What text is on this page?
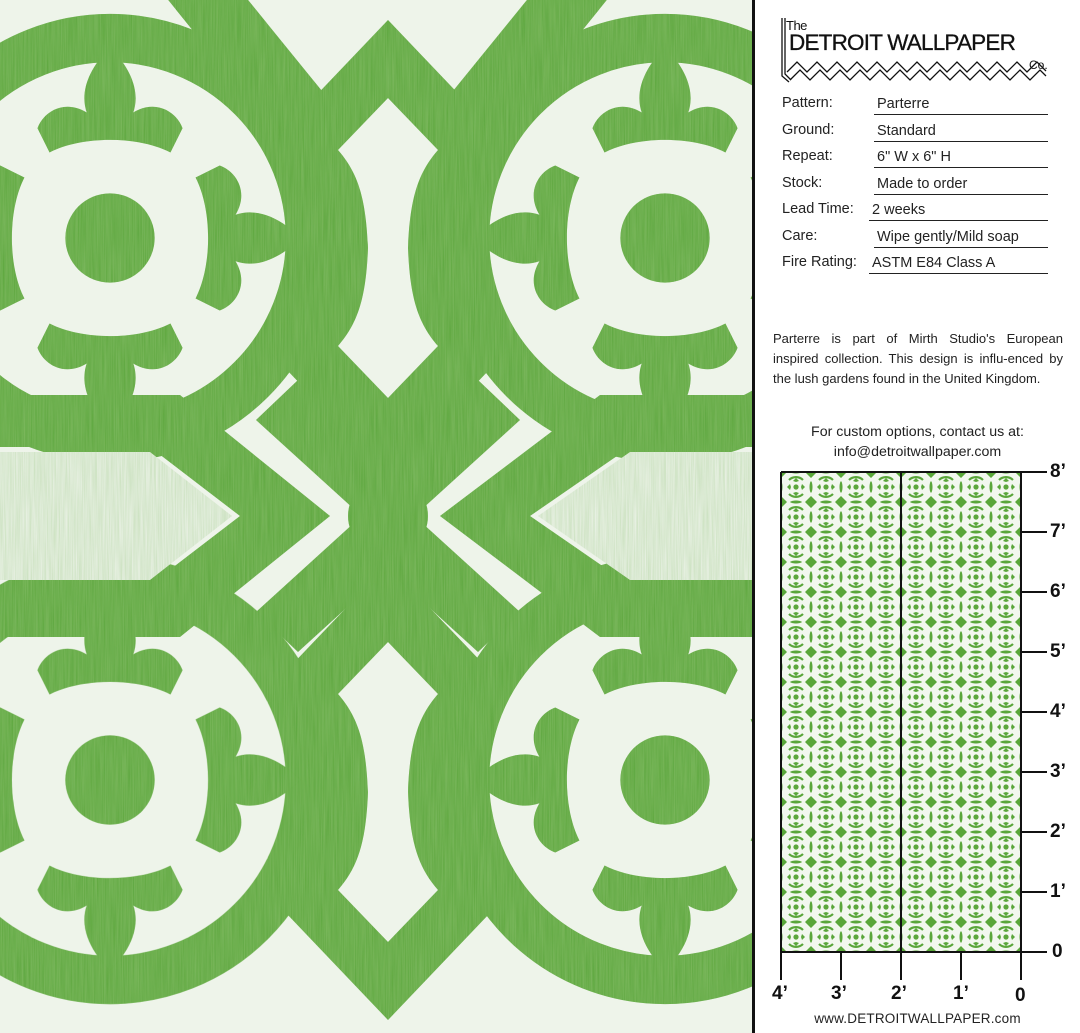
The
DETROIT WALLPAPER
Co.
Pattern:	Parterre
Ground:	Standard
Repeat:	6" W x 6" H
Stock:	Made to order
Lead Time: 2 weeks
Care:	Wipe gently/Mild soap
Fire Rating: ASTM E84 Class A

Parterre is part of Mirth Studio's European inspired collection. This design is influ-enced by the lush gardens found in the United Kingdom.

For custom options, contact us at:
info@detroitwallpaper.com
8’
7’
6’
5’
4’
3’
2’
1’
0
4’ 3’ 2’ 1’ 0
www.DETROITWALLPAPER.com
